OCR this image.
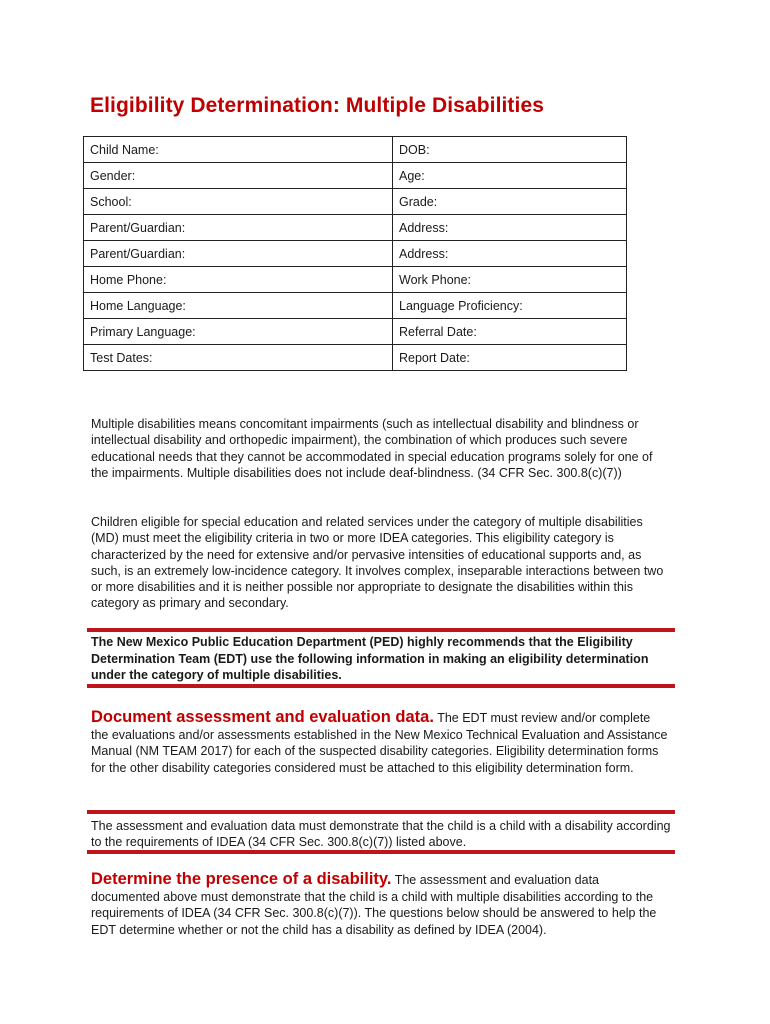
Eligibility Determination: Multiple Disabilities
Child Name:	DOB:
Gender:	Age:
School:	Grade:
Parent/Guardian:	Address:
Parent/Guardian:	Address:
Home Phone:	Work Phone:
Home Language:	Language Proficiency:
Primary Language:	Referral Date:
Test Dates:	Report Date:

Multiple disabilities means concomitant impairments (such as intellectual disability and blindness or intellectual disability and orthopedic impairment), the combination of which produces such severe educational needs that they cannot be accommodated in special education programs solely for one of the impairments. Multiple disabilities does not include deaf-blindness. (34 CFR Sec. 300.8(c)(7))

Children eligible for special education and related services under the category of multiple disabilities (MD) must meet the eligibility criteria in two or more IDEA categories. This eligibility category is characterized by the need for extensive and/or pervasive intensities of educational supports and, as such, is an extremely low-incidence category. It involves complex, inseparable interactions between two or more disabilities and it is neither possible nor appropriate to designate the disabilities within this category as primary and secondary.

The New Mexico Public Education Department (PED) highly recommends that the Eligibility Determination Team (EDT) use the following information in making an eligibility determination under the category of multiple disabilities.

Document assessment and evaluation data. The EDT must review and/or complete the evaluations and/or assessments established in the New Mexico Technical Evaluation and Assistance Manual (NM TEAM 2017) for each of the suspected disability categories. Eligibility determination forms for the other disability categories considered must be attached to this eligibility determination form.

The assessment and evaluation data must demonstrate that the child is a child with a disability according to the requirements of IDEA (34 CFR Sec. 300.8(c)(7)) listed above.

Determine the presence of a disability. The assessment and evaluation data documented above must demonstrate that the child is a child with multiple disabilities according to the requirements of IDEA (34 CFR Sec. 300.8(c)(7)). The questions below should be answered to help the EDT determine whether or not the child has a disability as defined by IDEA (2004).
